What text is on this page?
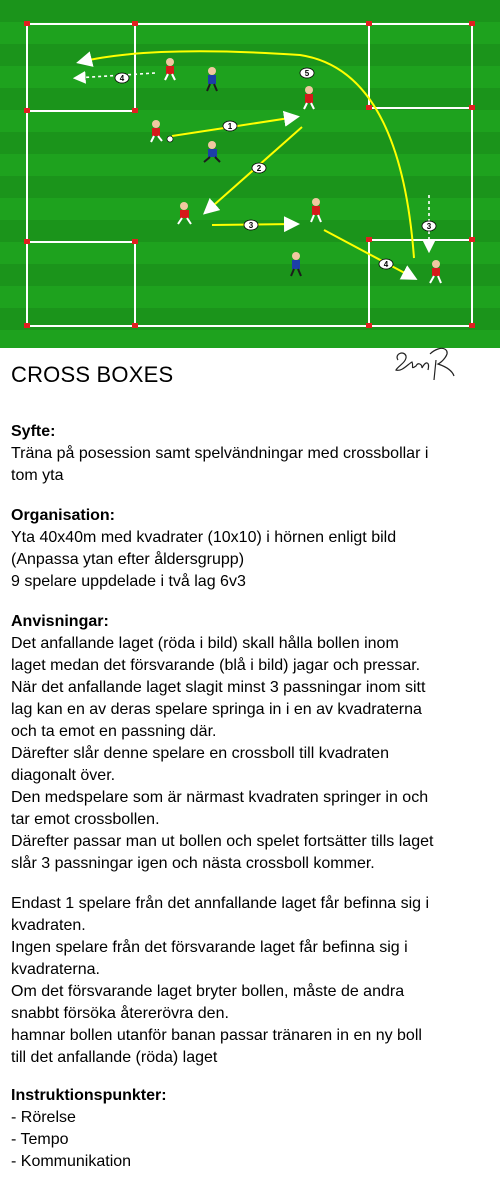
1
2
3
4
5
4
3
CROSS BOXES

Syfte:

Träna på posession samt spelvändningar med crossbollar i

tom yta

Organisation:

Yta 40x40m med kvadrater (10x10) i hörnen enligt bild

(Anpassa ytan efter åldersgrupp)

9 spelare uppdelade i två lag 6v3

Anvisningar:

Det anfallande laget (röda i bild) skall hålla bollen inom

laget medan det försvarande (blå i bild) jagar och pressar.

När det anfallande laget slagit minst 3 passningar inom sitt

lag kan en av deras spelare springa in i en av kvadraterna

och ta emot en passning där.

Därefter slår denne spelare en crossboll till kvadraten

diagonalt över.

Den medspelare som är närmast kvadraten springer in och

tar emot crossbollen.

Därefter passar man ut bollen och spelet fortsätter tills laget

slår 3 passningar igen och nästa crossboll kommer.

Endast 1 spelare från det annfallande laget får befinna sig i

kvadraten.

Ingen spelare från det försvarande laget får befinna sig i

kvadraterna.

Om det försvarande laget bryter bollen, måste de andra

snabbt försöka återerövra den.

hamnar bollen utanför banan passar tränaren in en ny boll

till det anfallande (röda) laget

Instruktionspunkter:

- Rörelse

- Tempo

- Kommunikation
